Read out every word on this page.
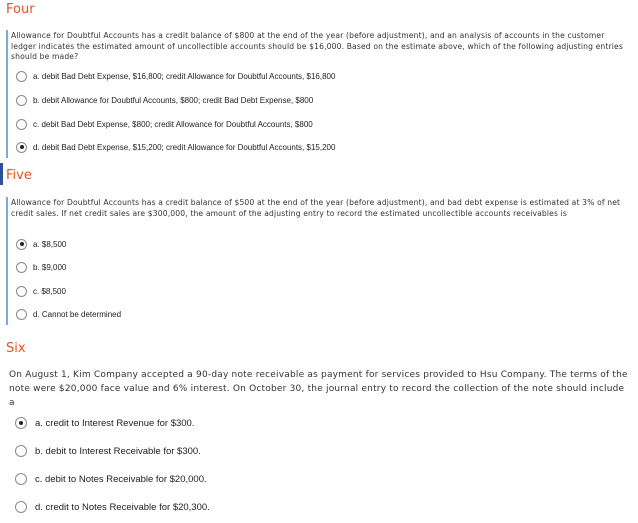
Four
Allowance for Doubtful Accounts has a credit balance of $800 at the end of the year (before adjustment), and an analysis of accounts in the customer ledger indicates the estimated amount of uncollectible accounts should be $16,000. Based on the estimate above, which of the following adjusting entries should be made?
a. debit Bad Debt Expense, $16,800; credit Allowance for Doubtful Accounts, $16,800
b. debit Allowance for Doubtful Accounts, $800; credit Bad Debt Expense, $800
c. debit Bad Debt Expense, $800; credit Allowance for Doubtful Accounts, $800
d. debit Bad Debt Expense, $15,200; credit Allowance for Doubtful Accounts, $15,200
Five
Allowance for Doubtful Accounts has a credit balance of $500 at the end of the year (before adjustment), and bad debt expense is estimated at 3% of net credit sales. If net credit sales are $300,000, the amount of the adjusting entry to record the estimated uncollectible accounts receivables is
a. $8,500
b. $9,000
c. $8,500
d. Cannot be determined
Six
On August 1, Kim Company accepted a 90-day note receivable as payment for services provided to Hsu Company. The terms of the note were $20,000 face value and 6% interest. On October 30, the journal entry to record the collection of the note should include a
a. credit to Interest Revenue for $300.
b. debit to Interest Receivable for $300.
c. debit to Notes Receivable for $20,000.
d. credit to Notes Receivable for $20,300.
